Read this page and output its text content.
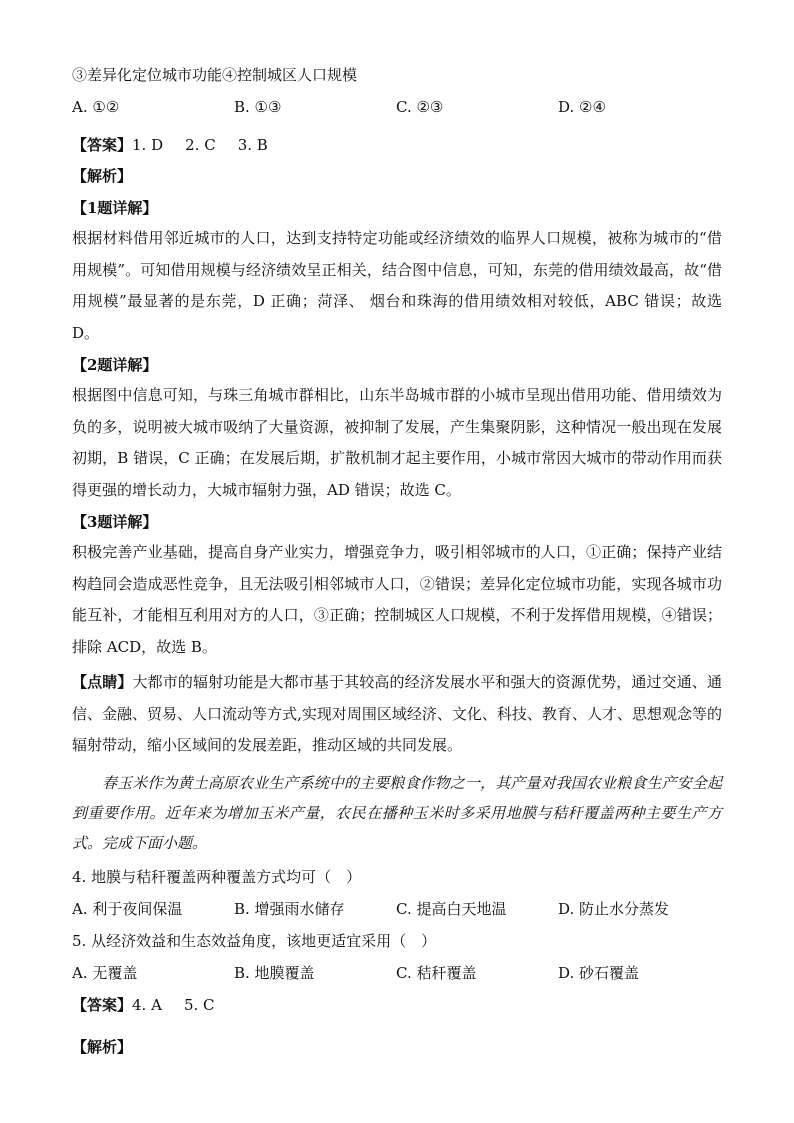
③差异化定位城市功能④控制城区人口规模
A. ①②	B. ①③	C. ②③	D. ②④
【答案】1. D 2. C 3. B
【解析】
【1题详解】
根据材料借用邻近城市的人口，达到支持特定功能或经济绩效的临界人口规模，被称为城市的“借用规模”。可知借用规模与经济绩效呈正相关，结合图中信息，可知，东莞的借用绩效最高，故“借用规模”最显著的是东莞，D 正确；菏泽、 烟台和珠海的借用绩效相对较低，ABC 错误；故选 D。
【2题详解】
根据图中信息可知，与珠三角城市群相比，山东半岛城市群的小城市呈现出借用功能、借用绩效为负的多，说明被大城市吸纳了大量资源，被抑制了发展，产生集聚阴影，这种情况一般出现在发展初期，B 错误，C 正确；在发展后期，扩散机制才起主要作用，小城市常因大城市的带动作用而获得更强的增长动力，大城市辐射力强，AD 错误；故选 C。
【3题详解】
积极完善产业基础，提高自身产业实力，增强竞争力，吸引相邻城市的人口，①正确；保持产业结构趋同会造成恶性竞争，且无法吸引相邻城市人口，②错误；差异化定位城市功能，实现各城市功能互补，才能相互利用对方的人口，③正确；控制城区人口规模，不利于发挥借用规模，④错误；排除 ACD，故选 B。
【点睛】大都市的辐射功能是大都市基于其较高的经济发展水平和强大的资源优势，通过交通、通信、金融、贸易、人口流动等方式,实现对周围区域经济、文化、科技、教育、人才、思想观念等的辐射带动，缩小区域间的发展差距，推动区域的共同发展。
春玉米作为黄土高原农业生产系统中的主要粮食作物之一，其产量对我国农业粮食生产安全起到重要作用。近年来为增加玉米产量，农民在播种玉米时多采用地膜与秸秆覆盖两种主要生产方式。完成下面小题。
4. 地膜与秸秆覆盖两种覆盖方式均可（　）
A. 利于夜间保温	B. 增强雨水储存	C. 提高白天地温	D. 防止水分蒸发
5. 从经济效益和生态效益角度，该地更适宜采用（　）
A. 无覆盖	B. 地膜覆盖	C. 秸秆覆盖	D. 砂石覆盖
【答案】4. A 5. C
【解析】
